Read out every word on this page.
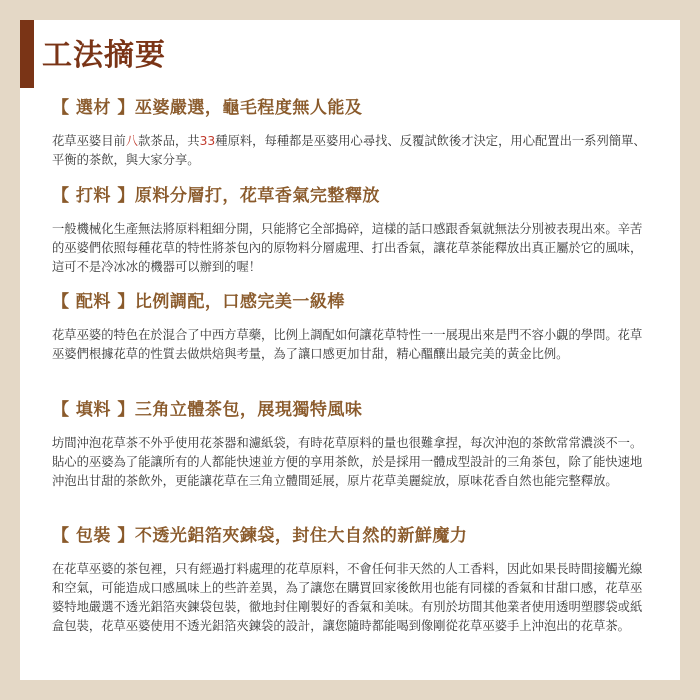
工法摘要
【 選材 】巫婆嚴選，龜毛程度無人能及
花草巫婆目前八款茶品，共33種原料，每種都是巫婆用心尋找、反覆試飲後才決定，用心配置出一系列簡單、平衡的茶飲，與大家分享。
【 打料 】原料分層打，花草香氣完整釋放
一般機械化生產無法將原料粗細分開，只能將它全部搗碎，這樣的話口感跟香氣就無法分別被表現出來。辛苦的巫婆們依照每種花草的特性將茶包內的原物料分層處理、打出香氣，讓花草茶能釋放出真正屬於它的風味，這可不是冷冰冰的機器可以辦到的喔！
【 配料 】比例調配，口感完美一級棒
花草巫婆的特色在於混合了中西方草藥，比例上調配如何讓花草特性一一展現出來是門不容小覷的學問。花草巫婆們根據花草的性質去做烘焙與考量，為了讓口感更加甘甜，精心醞釀出最完美的黃金比例。
【 填料 】三角立體茶包，展現獨特風味
坊間沖泡花草茶不外乎使用花茶器和濾紙袋，有時花草原料的量也很難拿捏，每次沖泡的茶飲常常濃淡不一。貼心的巫婆為了能讓所有的人都能快速並方便的享用茶飲，於是採用一體成型設計的三角茶包，除了能快速地沖泡出甘甜的茶飲外，更能讓花草在三角立體間延展，原片花草美麗綻放，原味花香自然也能完整釋放。
【 包裝 】不透光鋁箔夾鍊袋，封住大自然的新鮮魔力
在花草巫婆的茶包裡，只有經過打料處理的花草原料，不會任何非天然的人工香料，因此如果長時間接觸光線和空氣，可能造成口感風味上的些許差異，為了讓您在購買回家後飲用也能有同樣的香氣和甘甜口感，花草巫婆特地嚴選不透光鋁箔夾鍊袋包裝，徹地封住剛製好的香氣和美味。有別於坊間其他業者使用透明塑膠袋或紙盒包裝，花草巫婆使用不透光鋁箔夾鍊袋的設計，讓您隨時都能喝到像剛從花草巫婆手上沖泡出的花草茶。
